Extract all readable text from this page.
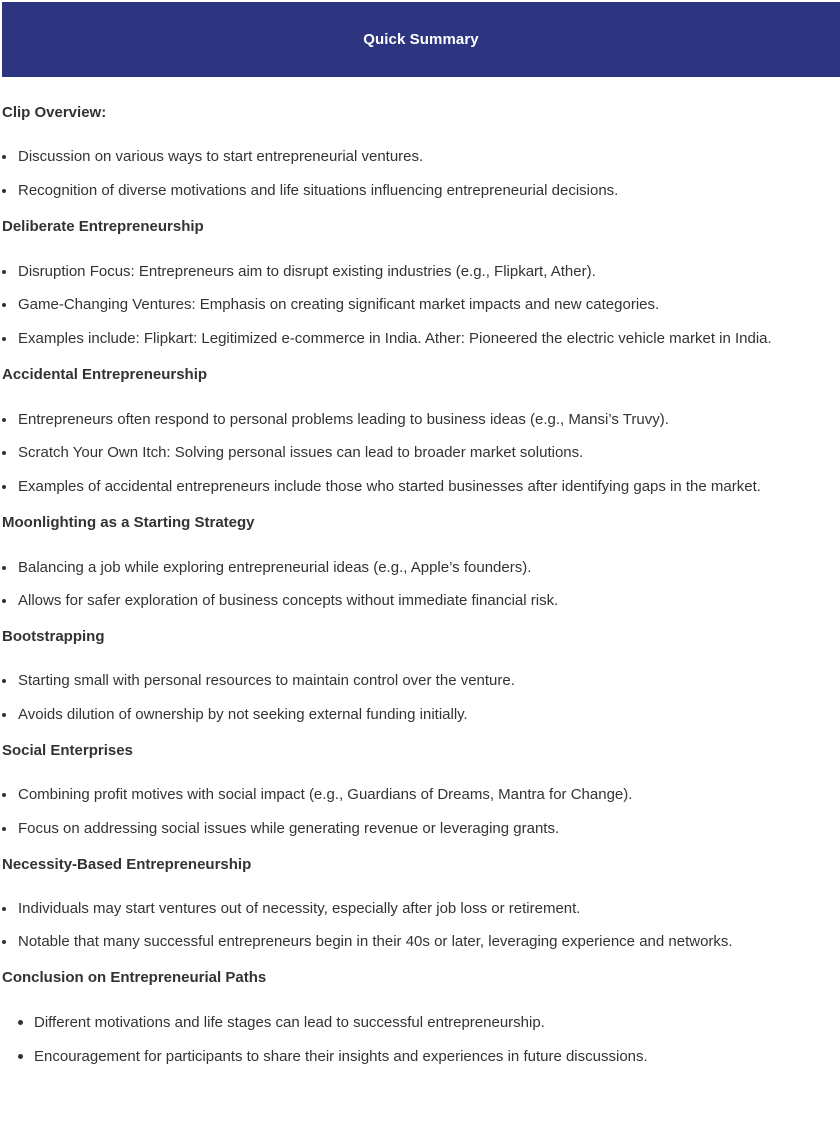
Quick Summary
Clip Overview:
Discussion on various ways to start entrepreneurial ventures.
Recognition of diverse motivations and life situations influencing entrepreneurial decisions.
Deliberate Entrepreneurship
Disruption Focus: Entrepreneurs aim to disrupt existing industries (e.g., Flipkart, Ather).
Game-Changing Ventures: Emphasis on creating significant market impacts and new categories.
Examples include: Flipkart: Legitimized e-commerce in India. Ather: Pioneered the electric vehicle market in India.
Accidental Entrepreneurship
Entrepreneurs often respond to personal problems leading to business ideas (e.g., Mansi’s Truvy).
Scratch Your Own Itch: Solving personal issues can lead to broader market solutions.
Examples of accidental entrepreneurs include those who started businesses after identifying gaps in the market.
Moonlighting as a Starting Strategy
Balancing a job while exploring entrepreneurial ideas (e.g., Apple’s founders).
Allows for safer exploration of business concepts without immediate financial risk.
Bootstrapping
Starting small with personal resources to maintain control over the venture.
Avoids dilution of ownership by not seeking external funding initially.
Social Enterprises
Combining profit motives with social impact (e.g., Guardians of Dreams, Mantra for Change).
Focus on addressing social issues while generating revenue or leveraging grants.
Necessity-Based Entrepreneurship
Individuals may start ventures out of necessity, especially after job loss or retirement.
Notable that many successful entrepreneurs begin in their 40s or later, leveraging experience and networks.
Conclusion on Entrepreneurial Paths
Different motivations and life stages can lead to successful entrepreneurship.
Encouragement for participants to share their insights and experiences in future discussions.
